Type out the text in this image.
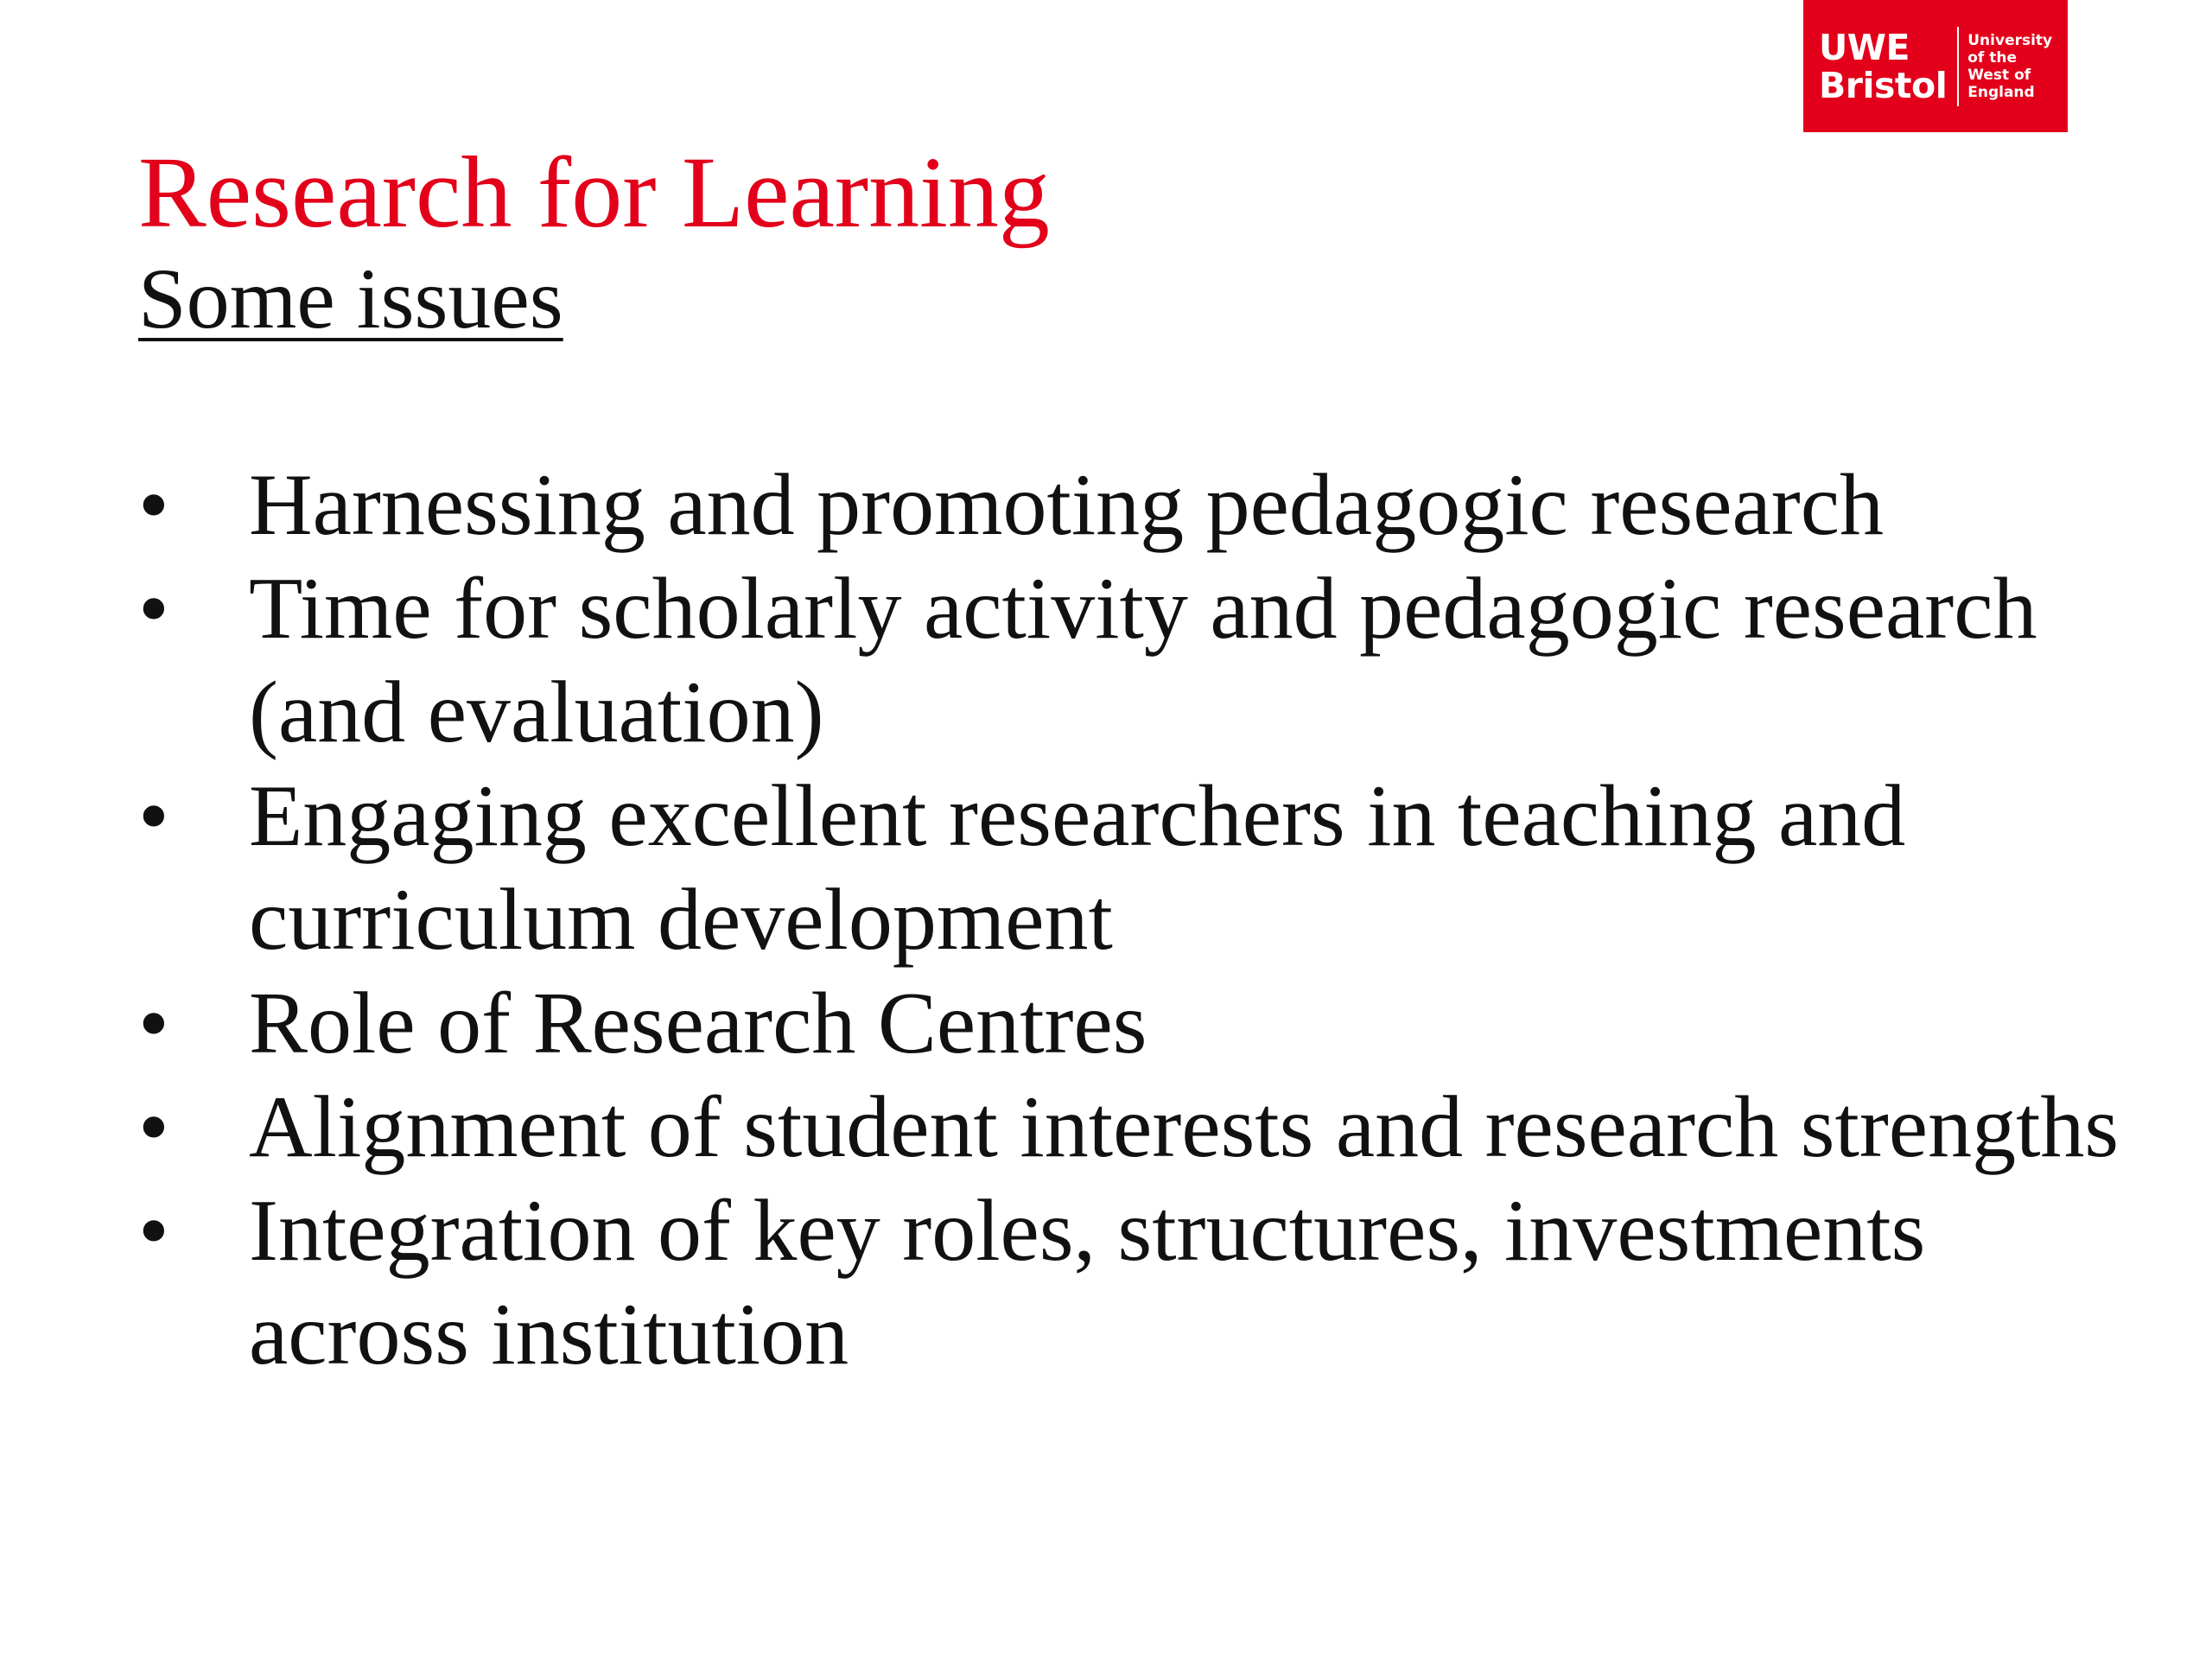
UWE
Bristol
University
of the
West of
England
Research for Learning
Some issues
• Harnessing and promoting pedagogic research
• Time for scholarly activity and pedagogic research (and evaluation)
• Engaging excellent researchers in teaching and curriculum development
• Role of Research Centres
• Alignment of student interests and research strengths
• Integration of key roles, structures, investments across institution
